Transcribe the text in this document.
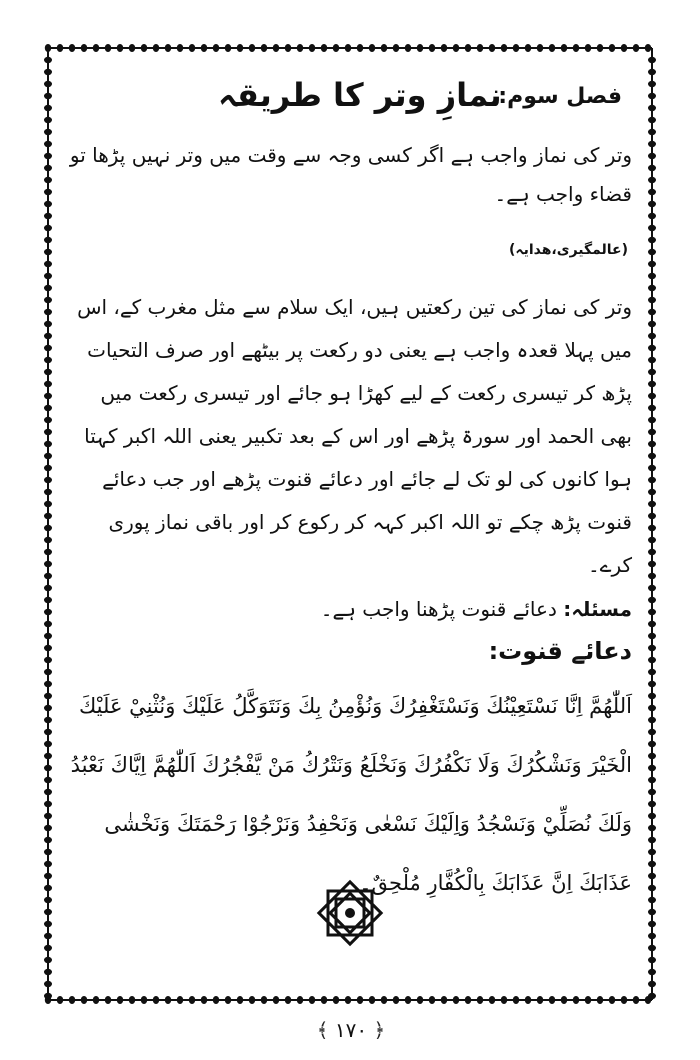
فصل سوم:
نمازِ وتر کا طریقہ

وتر کی نماز واجب ہے اگر کسی وجہ سے وقت میں وتر نہیں پڑھا تو قضاء واجب ہے۔

(عالمگیری،ھدایہ)

وتر کی نماز کی تین رکعتیں ہیں، ایک سلام سے مثل مغرب کے، اس میں پہلا قعدہ واجب ہے یعنی دو رکعت پر بیٹھے اور صرف التحیات پڑھ کر تیسری رکعت کے لیے کھڑا ہو جائے اور تیسری رکعت میں بھی الحمد اور سورۃ پڑھے اور اس کے بعد تکبیر یعنی اللہ اکبر کہتا ہوا کانوں کی لو تک لے جائے اور دعائے قنوت پڑھے اور جب دعائے قنوت پڑھ چکے تو اللہ اکبر کہہ کر رکوع کر اور باقی نماز پوری کرے۔

مسئلہ: دعائے قنوت پڑھنا واجب ہے۔
دعائے قنوت:

اَللّٰهُمَّ اِنَّا نَسْتَعِيْنُكَ وَنَسْتَغْفِرُكَ وَنُؤْمِنُ بِكَ وَنَتَوَكَّلُ عَلَيْكَ وَنُثْنِيْ عَلَيْكَ الْخَيْرَ وَنَشْكُرُكَ وَلَا نَكْفُرُكَ وَنَخْلَعُ وَنَتْرُكُ مَنْ يَّفْجُرُكَ اَللّٰهُمَّ اِيَّاكَ نَعْبُدُ وَلَكَ نُصَلِّيْ وَنَسْجُدُ وَاِلَيْكَ نَسْعٰى وَنَحْفِدُ وَنَرْجُوْا رَحْمَتَكَ وَنَخْشٰى عَذَابَكَ اِنَّ عَذَابَكَ بِالْكُفَّارِ مُلْحِقٌ۔

﴿ ۱۷۰ ﴾
